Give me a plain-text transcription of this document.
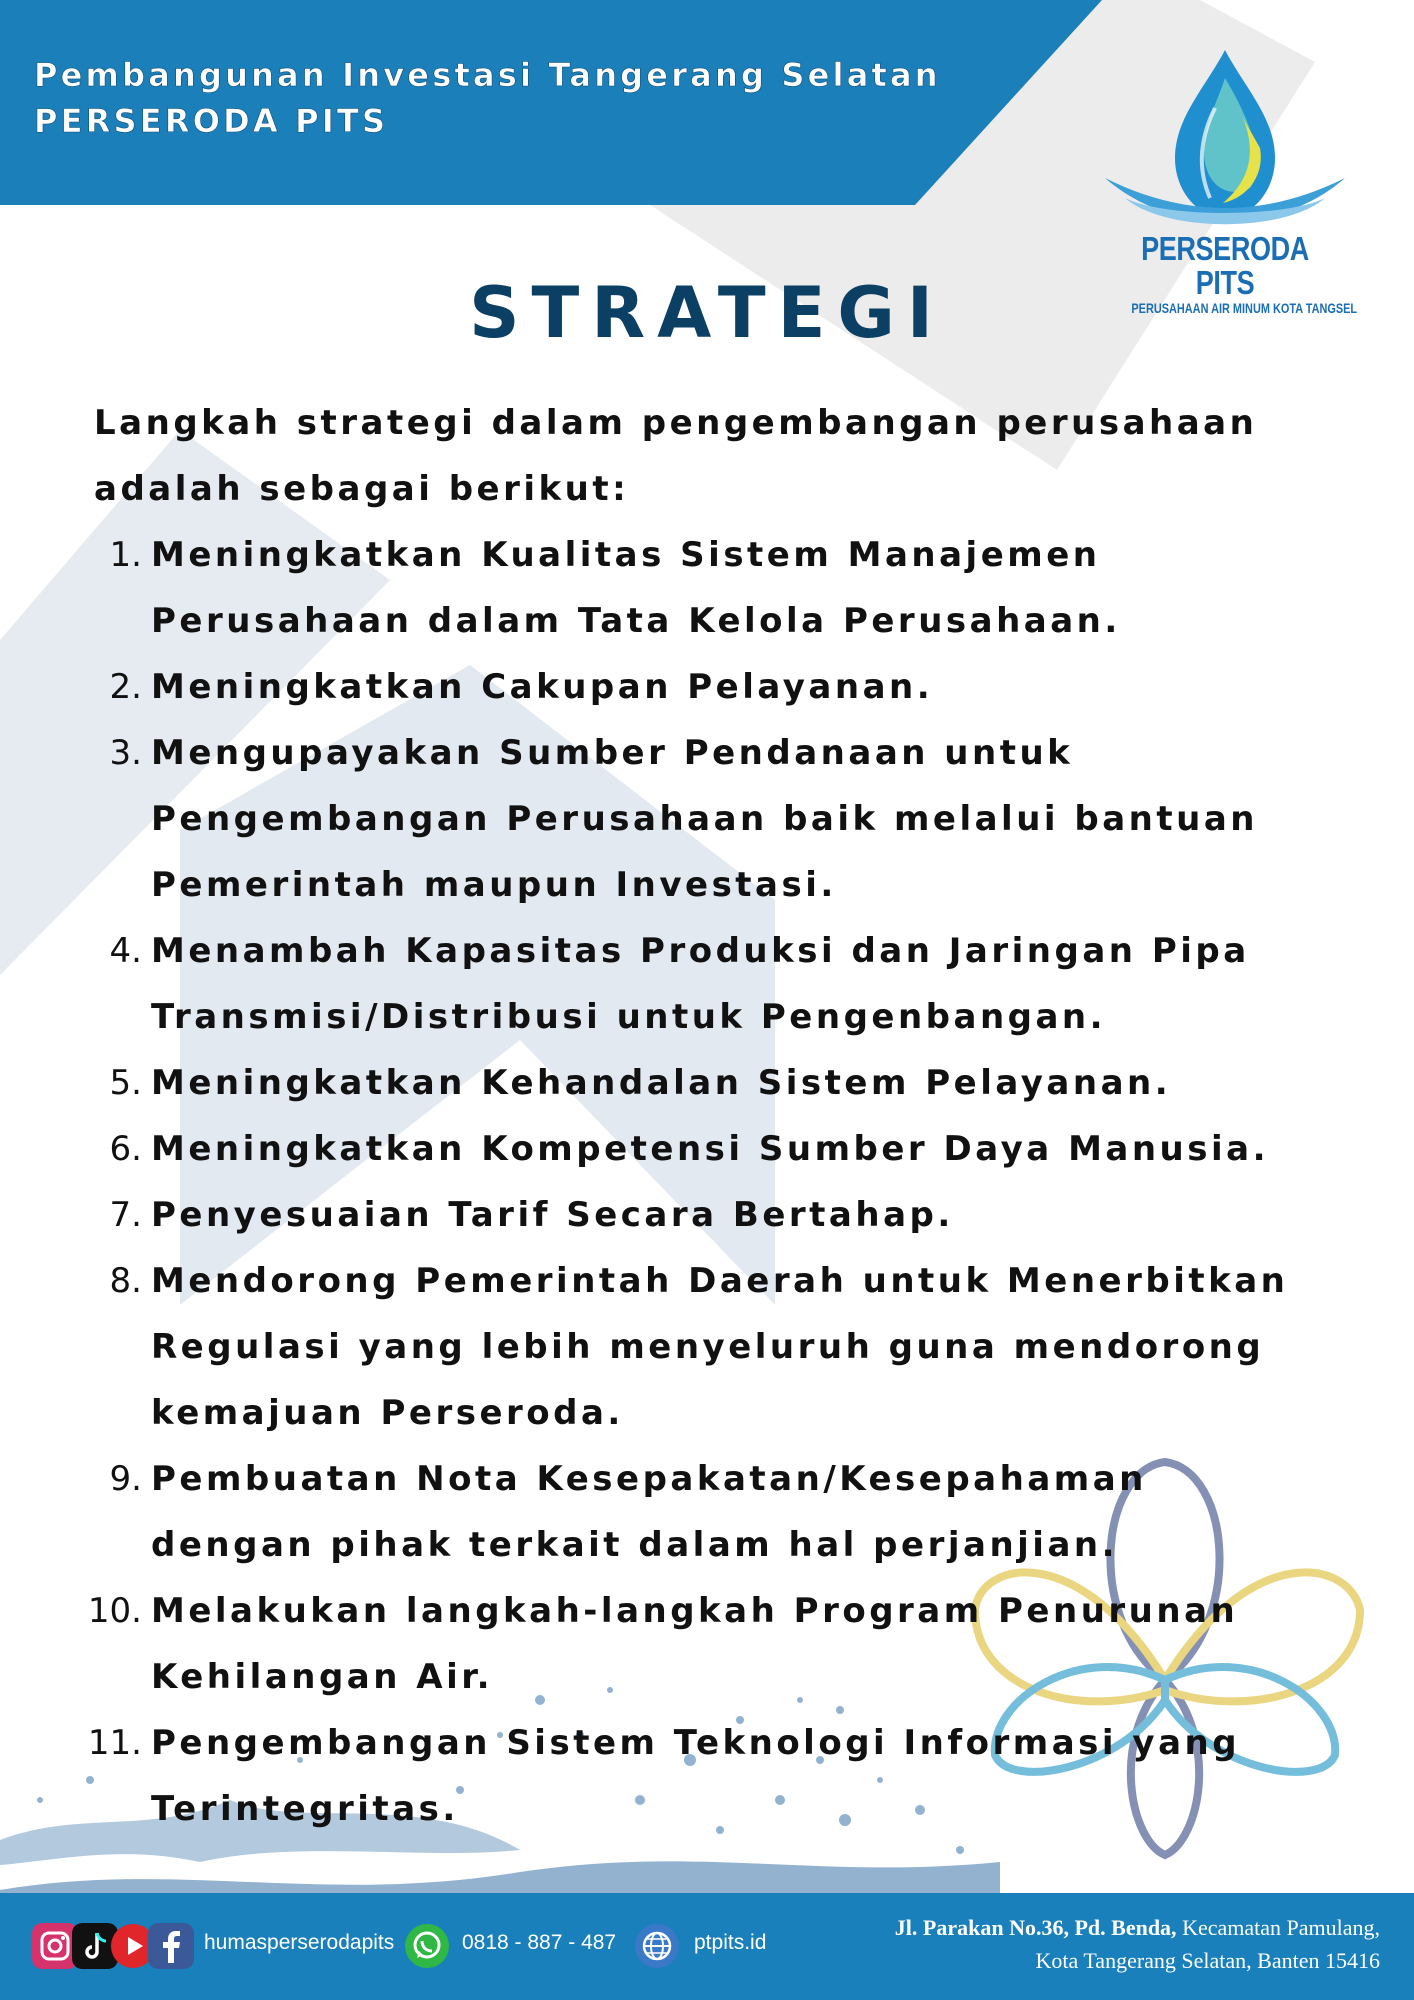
Pembangunan Investasi Tangerang Selatan
PERSERODA PITS
PERSERODA PITS
PERUSAHAAN AIR MINUM KOTA TANGSEL
STRATEGI

Langkah strategi dalam pengembangan perusahaan adalah sebagai berikut:

1. Meningkatkan Kualitas Sistem Manajemen Perusahaan dalam Tata Kelola Perusahaan.
2. Meningkatkan Cakupan Pelayanan.
3. Mengupayakan Sumber Pendanaan untuk Pengembangan Perusahaan baik melalui bantuan Pemerintah maupun Investasi.
4. Menambah Kapasitas Produksi dan Jaringan Pipa Transmisi/Distribusi untuk Pengenbangan.
5. Meningkatkan Kehandalan Sistem Pelayanan.
6. Meningkatkan Kompetensi Sumber Daya Manusia.
7. Penyesuaian Tarif Secara Bertahap.
8. Mendorong Pemerintah Daerah untuk Menerbitkan Regulasi yang lebih menyeluruh guna mendorong kemajuan Perseroda.
9. Pembuatan Nota Kesepakatan/Kesepahaman dengan pihak terkait dalam hal perjanjian.
10. Melakukan langkah-langkah Program Penurunan Kehilangan Air.
11. Pengembangan Sistem Teknologi Informasi yang Terintegritas.
humasperserodapits	0818 - 887 - 487	ptpits.id
Jl. Parakan No.36, Pd. Benda, Kecamatan Pamulang,
Kota Tangerang Selatan, Banten 15416
